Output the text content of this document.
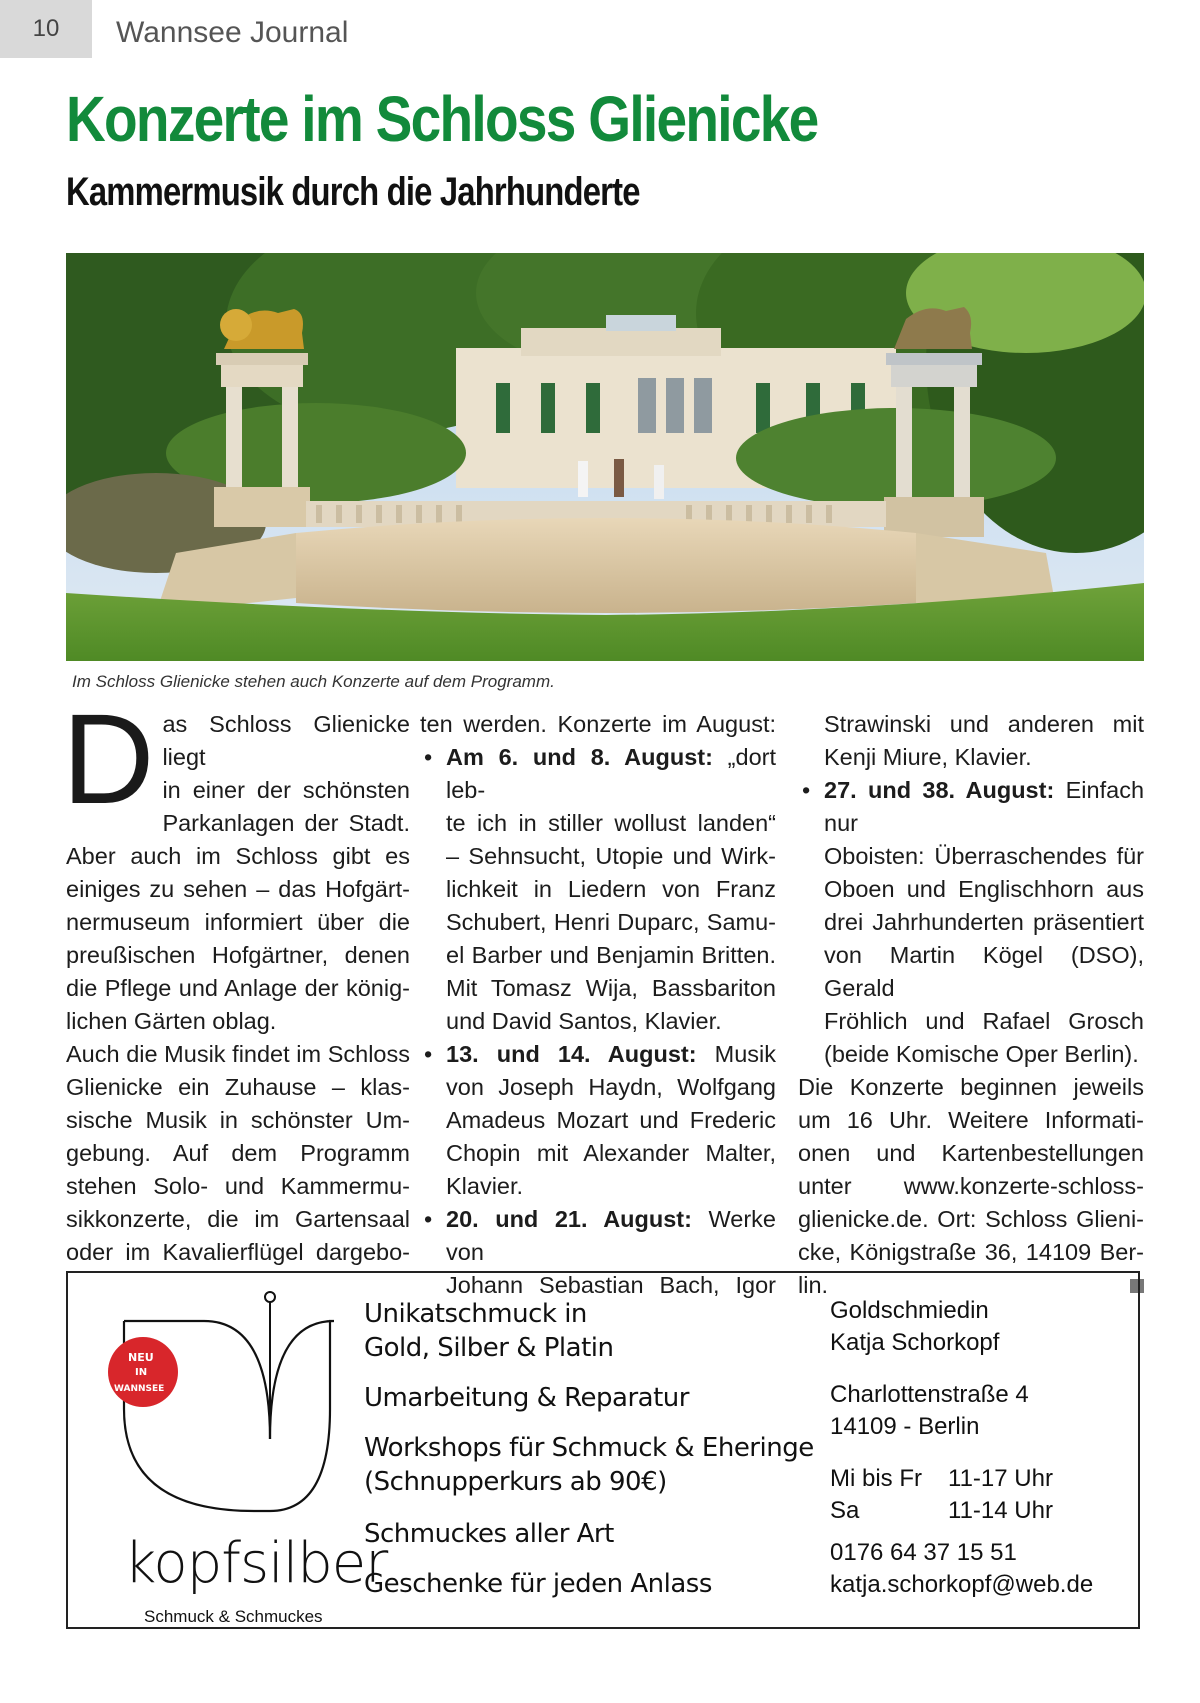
10 Wannsee Journal
Konzerte im Schloss Glienicke
Kammermusik durch die Jahrhunderte
Im Schloss Glienicke stehen auch Konzerte auf dem Programm.
D as Schloss Glienicke liegt

in einer der schönsten

Parkanlagen der Stadt.

Aber auch im Schloss gibt es

einiges zu sehen – das Hofgärt-

nermuseum informiert über die

preußischen Hofgärtner, denen

die Pflege und Anlage der könig-

lichen Gärten oblag.

Auch die Musik findet im Schloss

Glienicke ein Zuhause – klas-

sische Musik in schönster Um-

gebung. Auf dem Programm

stehen Solo- und Kammermu-

sikkonzerte, die im Gartensaal

oder im Kavalierflügel dargebo-

ten werden. Konzerte im August:

• Am 6. und 8. August: „dort leb-

te ich in stiller wollust landen“

– Sehnsucht, Utopie und Wirk-

lichkeit in Liedern von Franz

Schubert, Henri Duparc, Samu-

el Barber und Benjamin Britten.

Mit Tomasz Wija, Bassbariton

und David Santos, Klavier.

• 13. und 14. August: Musik

von Joseph Haydn, Wolfgang

Amadeus Mozart und Frederic

Chopin mit Alexander Malter,

Klavier.

• 20. und 21. August: Werke von

Johann Sebastian Bach, Igor

Strawinski und anderen mit

Kenji Miure, Klavier.

• 27. und 38. August: Einfach nur

Oboisten: Überraschendes für

Oboen und Englischhorn aus

drei Jahrhunderten präsentiert

von Martin Kögel (DSO), Gerald

Fröhlich und Rafael Grosch

(beide Komische Oper Berlin).

Die Konzerte beginnen jeweils

um 16 Uhr. Weitere Informati-

onen und Kartenbestellungen

unter www.konzerte-schloss-

glienicke.de. Ort: Schloss Glieni-

cke, Königstraße 36, 14109 Ber-

lin.

NEU
IN
WANNSEE
kopfsilber
Schmuck & Schmuckes
Unikatschmuck in
Gold, Silber & Platin
Umarbeitung & Reparatur
Workshops für Schmuck & Eheringe
(Schnupperkurs ab 90€)
Schmuckes aller Art
Geschenke für jeden Anlass
Goldschmiedin
Katja Schorkopf
Charlottenstraße 4
14109 - Berlin
Mi bis Fr	11-17 Uhr
Sa	11-14 Uhr
0176 64 37 15 51
katja.schorkopf@web.de
